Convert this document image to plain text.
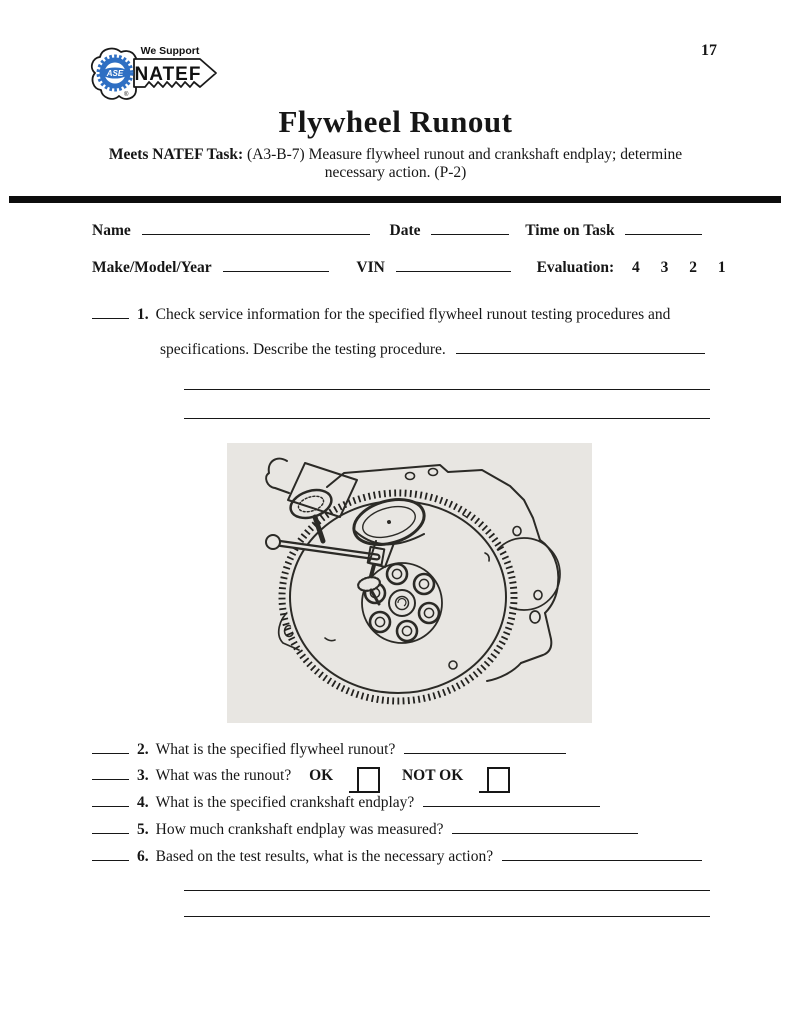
ASE
We Support
NATEF
®
17
Flywheel Runout
Meets NATEF Task: (A3-B-7) Measure flywheel runout and crankshaft endplay; determine
necessary action. (P-2)
Name	Date	Time on Task
Make/Model/Year	VIN	Evaluation: 4 3 2 1
1. Check service information for the specified flywheel runout testing procedures and
specifications. Describe the testing procedure.
2. What is the specified flywheel runout?
3. What was the runout? OK	NOT OK
4. What is the specified crankshaft endplay?
5. How much crankshaft endplay was measured?
6. Based on the test results, what is the necessary action?
